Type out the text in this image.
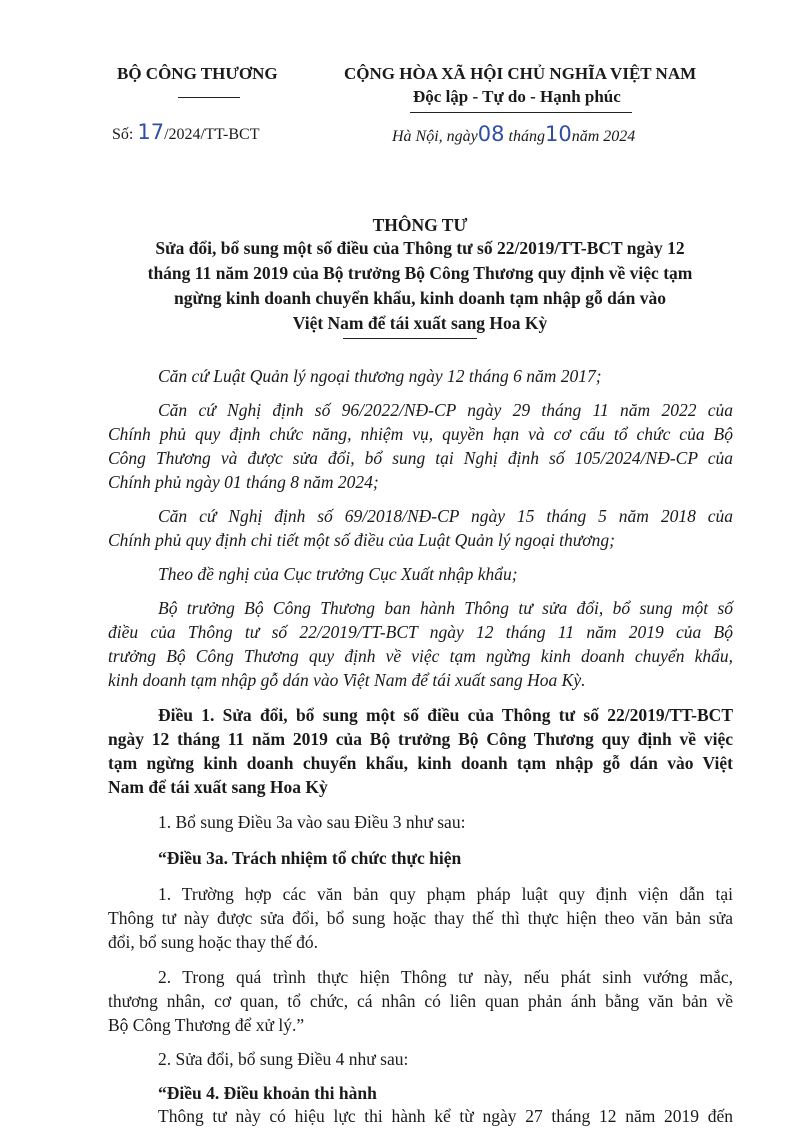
BỘ CÔNG THƯƠNG	CỘNG HÒA XÃ HỘI CHỦ NGHĨA VIỆT NAM
Độc lập - Tự do - Hạnh phúc
Số: 17/2024/TT-BCT	Hà Nội, ngày08 tháng10năm 2024
THÔNG TƯ
Sửa đổi, bổ sung một số điều của Thông tư số 22/2019/TT-BCT ngày 12
tháng 11 năm 2019 của Bộ trưởng Bộ Công Thương quy định về việc tạm
ngừng kinh doanh chuyển khẩu, kinh doanh tạm nhập gỗ dán vào
Việt Nam để tái xuất sang Hoa Kỳ
Căn cứ Luật Quản lý ngoại thương ngày 12 tháng 6 năm 2017;
Căn cứ Nghị định số 96/2022/NĐ-CP ngày 29 tháng 11 năm 2022 của
Chính phủ quy định chức năng, nhiệm vụ, quyền hạn và cơ cấu tổ chức của Bộ
Công Thương và được sửa đổi, bổ sung tại Nghị định số 105/2024/NĐ-CP của
Chính phủ ngày 01 tháng 8 năm 2024;
Căn cứ Nghị định số 69/2018/NĐ-CP ngày 15 tháng 5 năm 2018 của
Chính phủ quy định chi tiết một số điều của Luật Quản lý ngoại thương;
Theo đề nghị của Cục trưởng Cục Xuất nhập khẩu;
Bộ trưởng Bộ Công Thương ban hành Thông tư sửa đổi, bổ sung một số
điều của Thông tư số 22/2019/TT-BCT ngày 12 tháng 11 năm 2019 của Bộ
trưởng Bộ Công Thương quy định về việc tạm ngừng kinh doanh chuyển khẩu,
kinh doanh tạm nhập gỗ dán vào Việt Nam để tái xuất sang Hoa Kỳ.
Điều 1. Sửa đổi, bổ sung một số điều của Thông tư số 22/2019/TT-BCT
ngày 12 tháng 11 năm 2019 của Bộ trưởng Bộ Công Thương quy định về việc
tạm ngừng kinh doanh chuyển khẩu, kinh doanh tạm nhập gỗ dán vào Việt
Nam để tái xuất sang Hoa Kỳ
1. Bổ sung Điều 3a vào sau Điều 3 như sau:
“Điều 3a. Trách nhiệm tổ chức thực hiện
1. Trường hợp các văn bản quy phạm pháp luật quy định viện dẫn tại
Thông tư này được sửa đổi, bổ sung hoặc thay thế thì thực hiện theo văn bản sửa
đổi, bổ sung hoặc thay thế đó.
2. Trong quá trình thực hiện Thông tư này, nếu phát sinh vướng mắc,
thương nhân, cơ quan, tổ chức, cá nhân có liên quan phản ánh bằng văn bản về
Bộ Công Thương để xử lý.”
2. Sửa đổi, bổ sung Điều 4 như sau:
“Điều 4. Điều khoản thi hành
Thông tư này có hiệu lực thi hành kể từ ngày 27 tháng 12 năm 2019 đến
